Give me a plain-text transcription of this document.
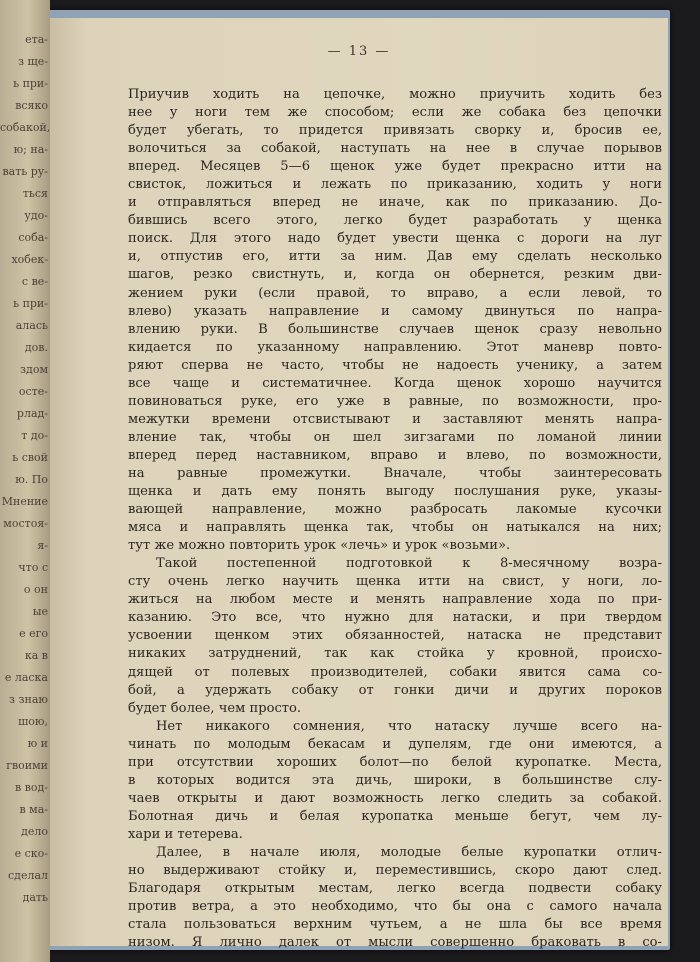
ета-
з ще-
ь при-
всяко
собакой,
ю; на-
вать ру-
ться
удо-
соба-
хобек-
с ве-
ь при-
алась
дов.
здом
осте-
рлад-
т до-
ь свой
ю. По
Мнение
мостоя-
я-
что с
о он
ые
е его
ка в
е ласка
з знаю
шою,
ю и
гвоими
в вод-
в ма-
дело
е ско-
сделал
дать
— 13 —
Приучив ходить на цепочке, можно приучить ходить без
нее у ноги тем же способом; если же собака без цепочки
будет убегать, то придется привязать сворку и, бросив ее,
волочиться за собакой, наступать на нее в случае порывов
вперед. Месяцев 5—6 щенок уже будет прекрасно итти на
свисток, ложиться и лежать по приказанию, ходить у ноги
и отправляться вперед не иначе, как по приказанию. До-
бившись всего этого, легко будет разработать у щенка
поиск. Для этого надо будет увести щенка с дороги на луг
и, отпустив его, итти за ним. Дав ему сделать несколько
шагов, резко свистнуть, и, когда он обернется, резким дви-
жением руки (если правой, то вправо, а если левой, то
влево) указать направление и самому двинуться по напра-
влению руки. В большинстве случаев щенок сразу невольно
кидается по указанному направлению. Этот маневр повто-
ряют сперва не часто, чтобы не надоесть ученику, а затем
все чаще и систематичнее. Когда щенок хорошо научится
повиноваться руке, его уже в равные, по возможности, про-
межутки времени отсвистывают и заставляют менять напра-
вление так, чтобы он шел зигзагами по ломаной линии
вперед перед наставником, вправо и влево, по возможности,
на равные промежутки. Вначале, чтобы заинтересовать
щенка и дать ему понять выгоду послушания руке, указы-
вающей направление, можно разбросать лакомые кусочки
мяса и направлять щенка так, чтобы он натыкался на них;
тут же можно повторить урок «лечь» и урок «возьми».
Такой постепенной подготовкой к 8-месячному возра-
сту очень легко научить щенка итти на свист, у ноги, ло-
житься на любом месте и менять направление хода по при-
казанию. Это все, что нужно для натаски, и при твердом
усвоении щенком этих обязанностей, натаска не представит
никаких затруднений, так как стойка у кровной, происхо-
дящей от полевых производителей, собаки явится сама со-
бой, а удержать собаку от гонки дичи и других пороков
будет более, чем просто.
Нет никакого сомнения, что натаску лучше всего на-
чинать по молодым бекасам и дупелям, где они имеются, а
при отсутствии хороших болот—по белой куропатке. Места,
в которых водится эта дичь, широки, в большинстве слу-
чаев открыты и дают возможность легко следить за собакой.
Болотная дичь и белая куропатка меньше бегут, чем лу-
хари и тетерева.
Далее, в начале июля, молодые белые куропатки отлич-
но выдерживают стойку и, переместившись, скоро дают след.
Благодаря открытым местам, легко всегда подвести собаку
против ветра, а это необходимо, что бы она с самого начала
стала пользоваться верхним чутьем, а не шла бы все время
низом. Я лично далек от мысли совершенно браковать в со-
